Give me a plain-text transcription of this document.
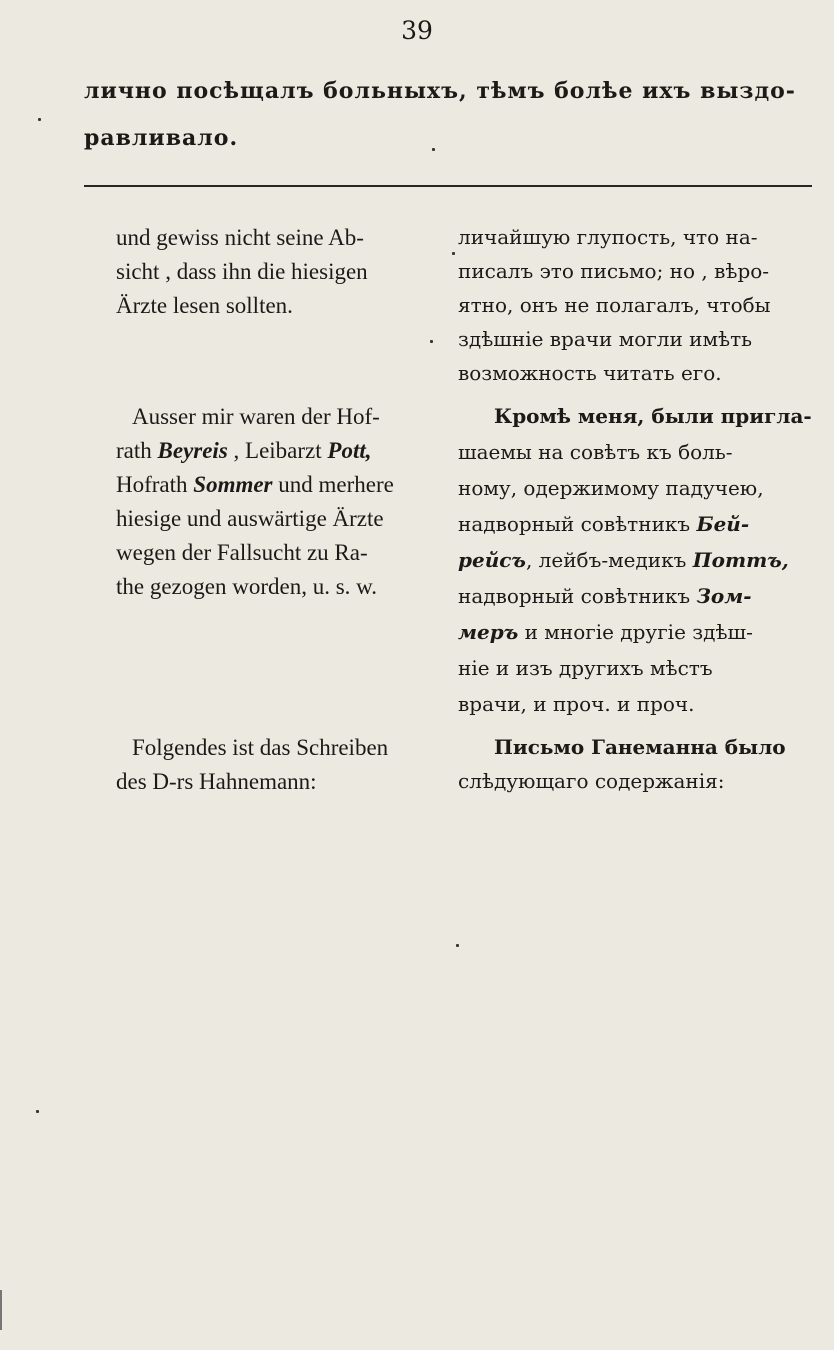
39
лично посѣщалъ больныхъ, тѣмъ болѣе ихъ выздо-
равливало.
und gewiss nicht seine Ab-
sicht , dass ihn die hiesigen
Ärzte lesen sollten.
личайшую глупость, что на-
писалъ это письмо; но , вѣро-
ятно, онъ не полагалъ, чтобы
здѣшніе врачи могли имѣть
возможность читать его.
Ausser mir waren der Hof-
rath Beyreis , Leibarzt Pott,
Hofrath Sommer und merhere
hiesige und auswärtige Ärzte
wegen der Fallsucht zu Ra-
the gezogen worden, u. s. w.
Кромѣ меня, были пригла-
шаемы на совѣтъ къ боль-
ному, одержимому падучею,
надворный совѣтникъ Бей-
рейсъ, лейбъ-медикъ Поттъ,
надворный совѣтникъ Зом-
меръ и многіе другіе здѣш-
ніе и изъ другихъ мѣстъ
врачи, и проч. и проч.
Folgendes ist das Schreiben
des D-rs Hahnemann:
Письмо Ганеманна было
слѣдующаго содержанія:
